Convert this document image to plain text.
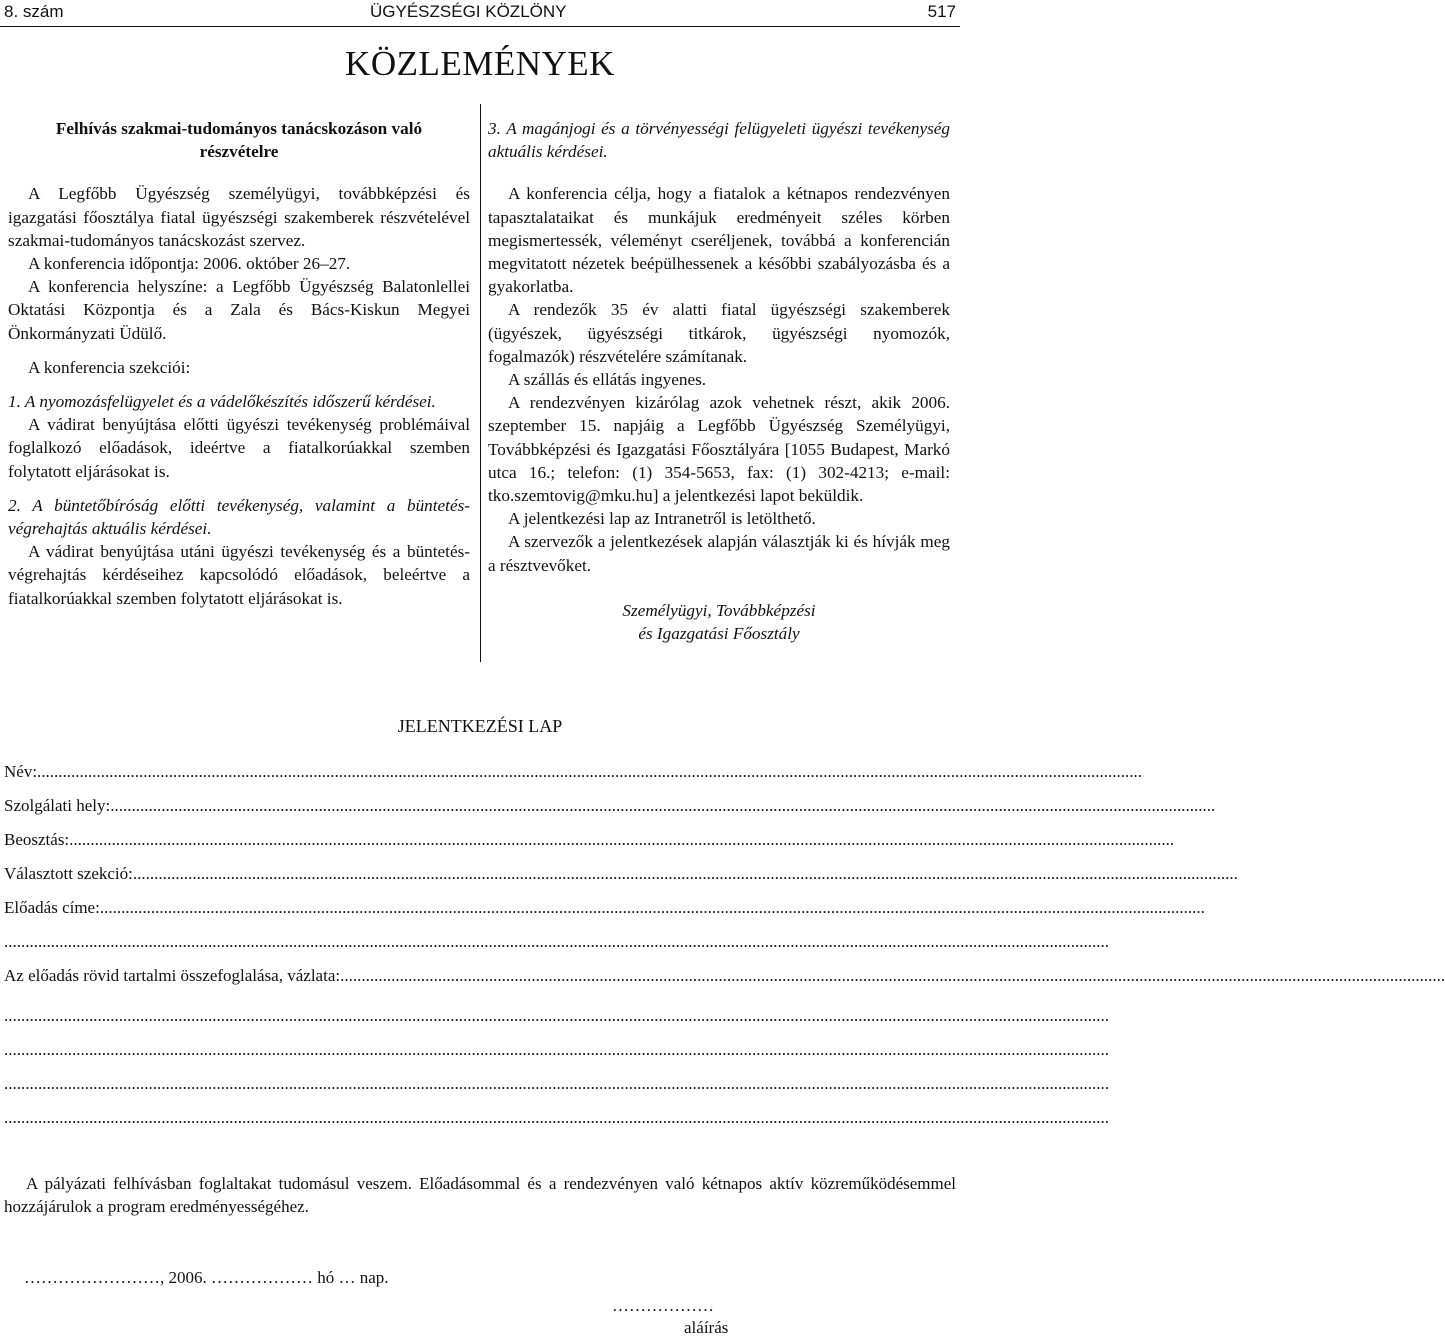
8. szám	ÜGYÉSZSÉGI KÖZLÖNY	517
KÖZLEMÉNYEK

Felhívás szakmai-tudományos tanácskozáson való részvételre

A Legfőbb Ügyészség személyügyi, továbbképzési és igazgatási főosztálya fiatal ügyészségi szakemberek részvételével szakmai-tudományos tanácskozást szervez.

A konferencia időpontja: 2006. október 26–27.

A konferencia helyszíne: a Legfőbb Ügyészség Balatonlellei Oktatási Központja és a Zala és Bács-Kiskun Megyei Önkormányzati Üdülő.

A konferencia szekciói:

1. A nyomozásfelügyelet és a vádelőkészítés időszerű kérdései.

A vádirat benyújtása előtti ügyészi tevékenység problémáival foglalkozó előadások, ideértve a fiatalkorúakkal szemben folytatott eljárásokat is.

2. A büntetőbíróság előtti tevékenység, valamint a büntetés-végrehajtás aktuális kérdései.

A vádirat benyújtása utáni ügyészi tevékenység és a büntetés-végrehajtás kérdéseihez kapcsolódó előadások, beleértve a fiatalkorúakkal szemben folytatott eljárásokat is.

3. A magánjogi és a törvényességi felügyeleti ügyészi tevékenység aktuális kérdései.

A konferencia célja, hogy a fiatalok a kétnapos rendezvényen tapasztalataikat és munkájuk eredményeit széles körben megismertessék, véleményt cseréljenek, továbbá a konferencián megvitatott nézetek beépülhessenek a későbbi szabályozásba és a gyakorlatba.

A rendezők 35 év alatti fiatal ügyészségi szakemberek (ügyészek, ügyészségi titkárok, ügyészségi nyomozók, fogalmazók) részvételére számítanak.

A szállás és ellátás ingyenes.

A rendezvényen kizárólag azok vehetnek részt, akik 2006. szeptember 15. napjáig a Legfőbb Ügyészség Személyügyi, Továbbképzési és Igazgatási Főosztályára [1055 Budapest, Markó utca 16.; telefon: (1) 354-5653, fax: (1) 302-4213; e-mail: tko.szemtovig@mku.hu] a jelentkezési lapot beküldik.

A jelentkezési lap az Intranetről is letölthető.

A szervezők a jelentkezések alapján választják ki és hívják meg a résztvevőket.

Személyügyi, Továbbképzési

és Igazgatási Főosztály

JELENTKEZÉSI LAP
Név:....................................................................................................................................................................................................................................................................
Szolgálati hely:....................................................................................................................................................................................................................................................................
Beosztás:....................................................................................................................................................................................................................................................................
Választott szekció:....................................................................................................................................................................................................................................................................
Előadás címe:....................................................................................................................................................................................................................................................................
....................................................................................................................................................................................................................................................................
Az előadás rövid tartalmi összefoglalása, vázlata:....................................................................................................................................................................................................................................................................
....................................................................................................................................................................................................................................................................
....................................................................................................................................................................................................................................................................
....................................................................................................................................................................................................................................................................
....................................................................................................................................................................................................................................................................
A pályázati felhívásban foglaltakat tudomásul veszem. Előadásommal és a rendezvényen való kétnapos aktív közreműködésemmel hozzájárulok a program eredményességéhez.
……………………, 2006. ……………… hó … nap.
………………
aláírás
